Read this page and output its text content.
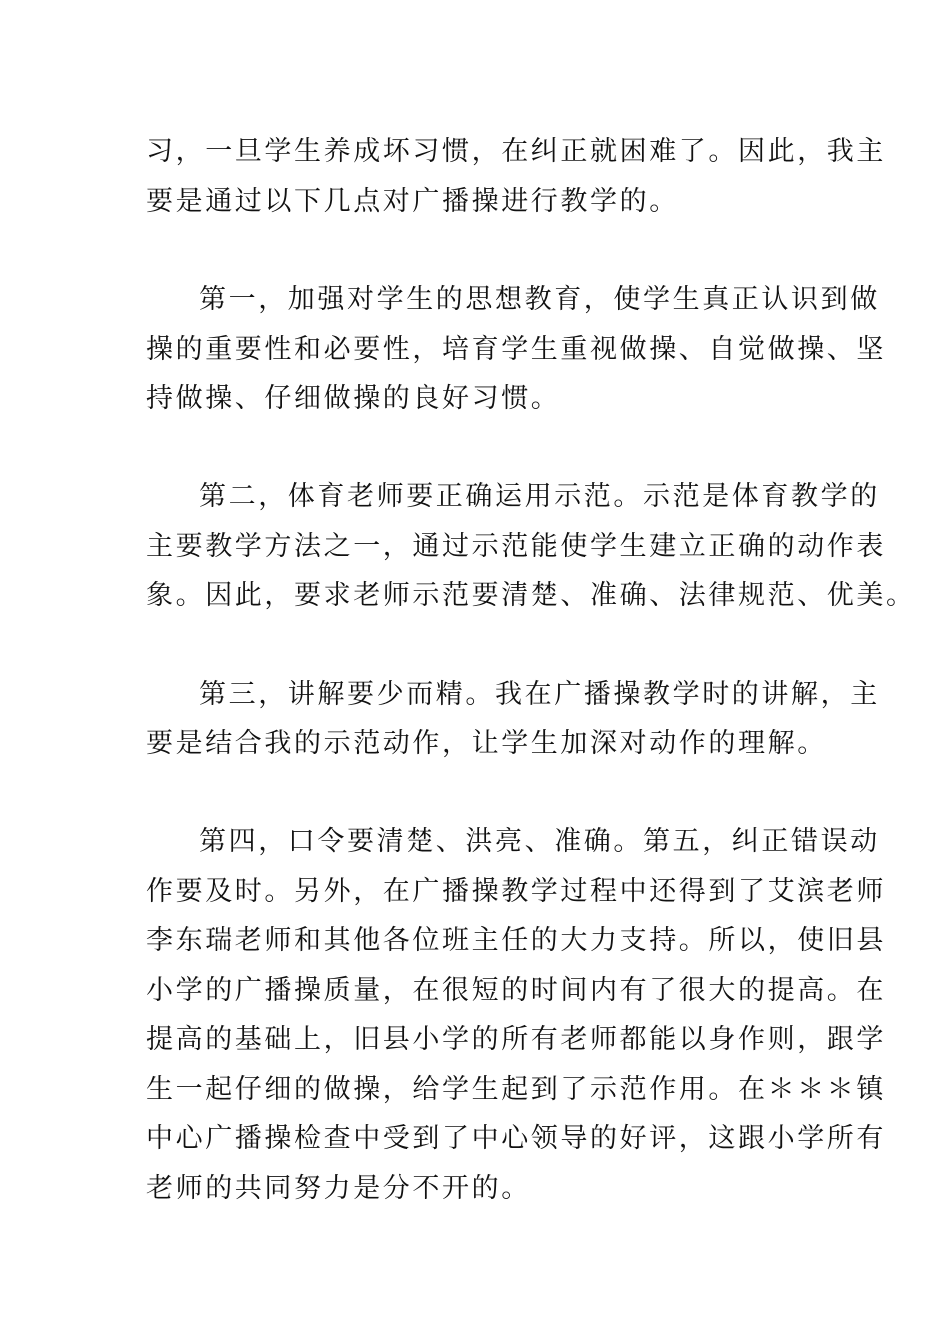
习，一旦学生养成坏习惯，在纠正就困难了。因此，我主

要是通过以下几点对广播操进行教学的。

第一，加强对学生的思想教育，使学生真正认识到做

操的重要性和必要性，培育学生重视做操、自觉做操、坚

持做操、仔细做操的良好习惯。

第二，体育老师要正确运用示范。示范是体育教学的

主要教学方法之一，通过示范能使学生建立正确的动作表

象。因此，要求老师示范要清楚、准确、法律规范、优美。

第三，讲解要少而精。我在广播操教学时的讲解，主

要是结合我的示范动作，让学生加深对动作的理解。

第四，口令要清楚、洪亮、准确。第五，纠正错误动

作要及时。另外，在广播操教学过程中还得到了艾滨老师

李东瑞老师和其他各位班主任的大力支持。所以，使旧县

小学的广播操质量，在很短的时间内有了很大的提高。在

提高的基础上，旧县小学的所有老师都能以身作则，跟学

生一起仔细的做操，给学生起到了示范作用。在＊＊＊镇

中心广播操检查中受到了中心领导的好评，这跟小学所有

老师的共同努力是分不开的。
